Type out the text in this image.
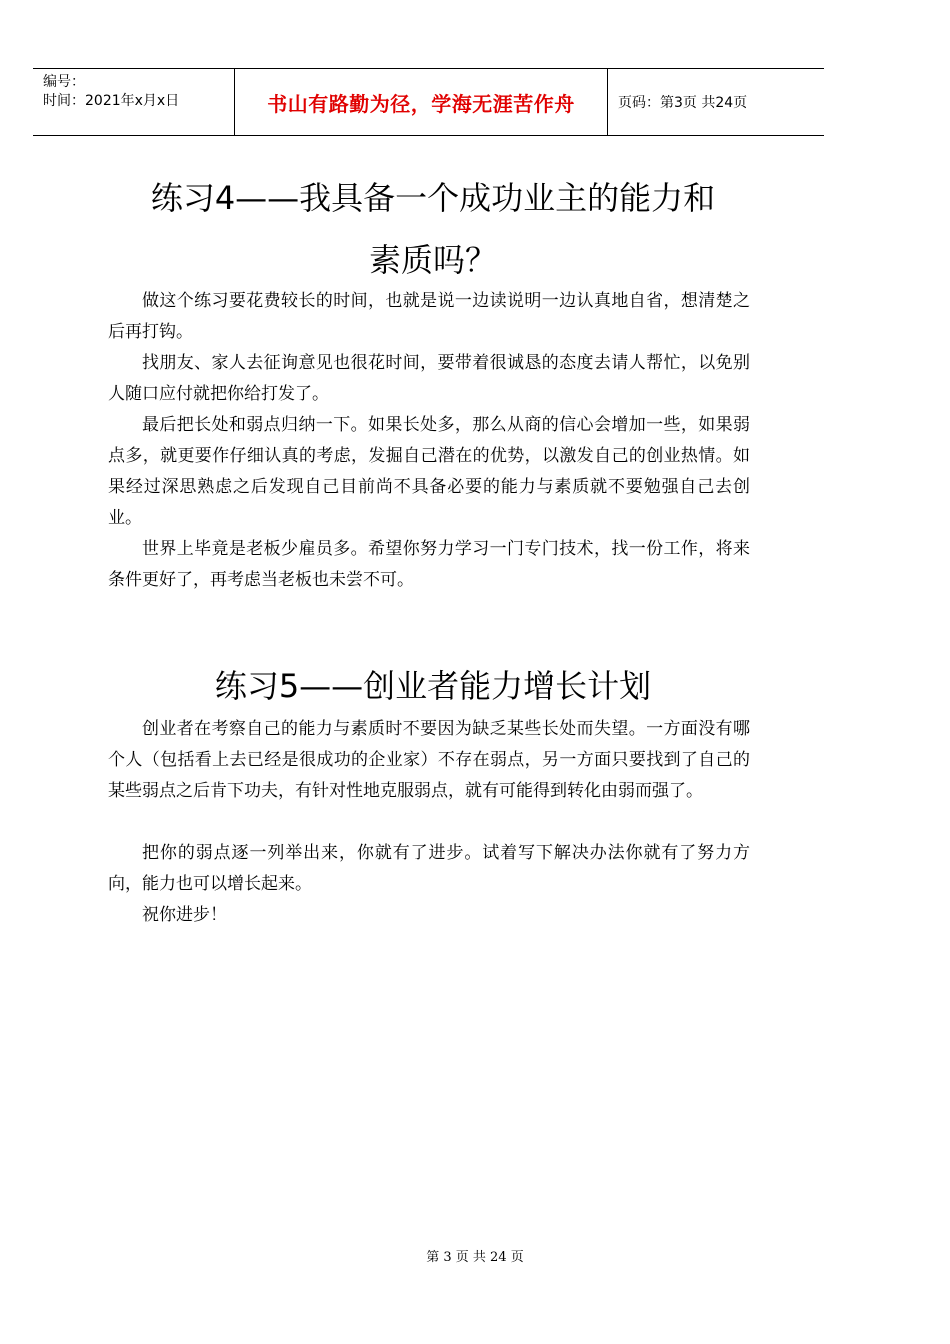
编号：
时间：2021年x月x日	书山有路勤为径，学海无涯苦作舟	页码：第3页 共24页
练习4——我具备一个成功业主的能力和
素质吗？

做这个练习要花费较长的时间，也就是说一边读说明一边认真地自省，想清楚之后再打钩。

找朋友、家人去征询意见也很花时间，要带着很诚恳的态度去请人帮忙，以免别人随口应付就把你给打发了。

最后把长处和弱点归纳一下。如果长处多，那么从商的信心会增加一些，如果弱点多，就更要作仔细认真的考虑，发掘自己潜在的优势，以激发自己的创业热情。如果经过深思熟虑之后发现自己目前尚不具备必要的能力与素质就不要勉强自己去创业。

世界上毕竟是老板少雇员多。希望你努力学习一门专门技术，找一份工作，将来条件更好了，再考虑当老板也未尝不可。

练习5——创业者能力增长计划

创业者在考察自己的能力与素质时不要因为缺乏某些长处而失望。一方面没有哪个人（包括看上去已经是很成功的企业家）不存在弱点，另一方面只要找到了自己的某些弱点之后肯下功夫，有针对性地克服弱点，就有可能得到转化由弱而强了。

把你的弱点逐一列举出来，你就有了进步。试着写下解决办法你就有了努力方向，能力也可以增长起来。

祝你进步！

第 3 页 共 24 页
